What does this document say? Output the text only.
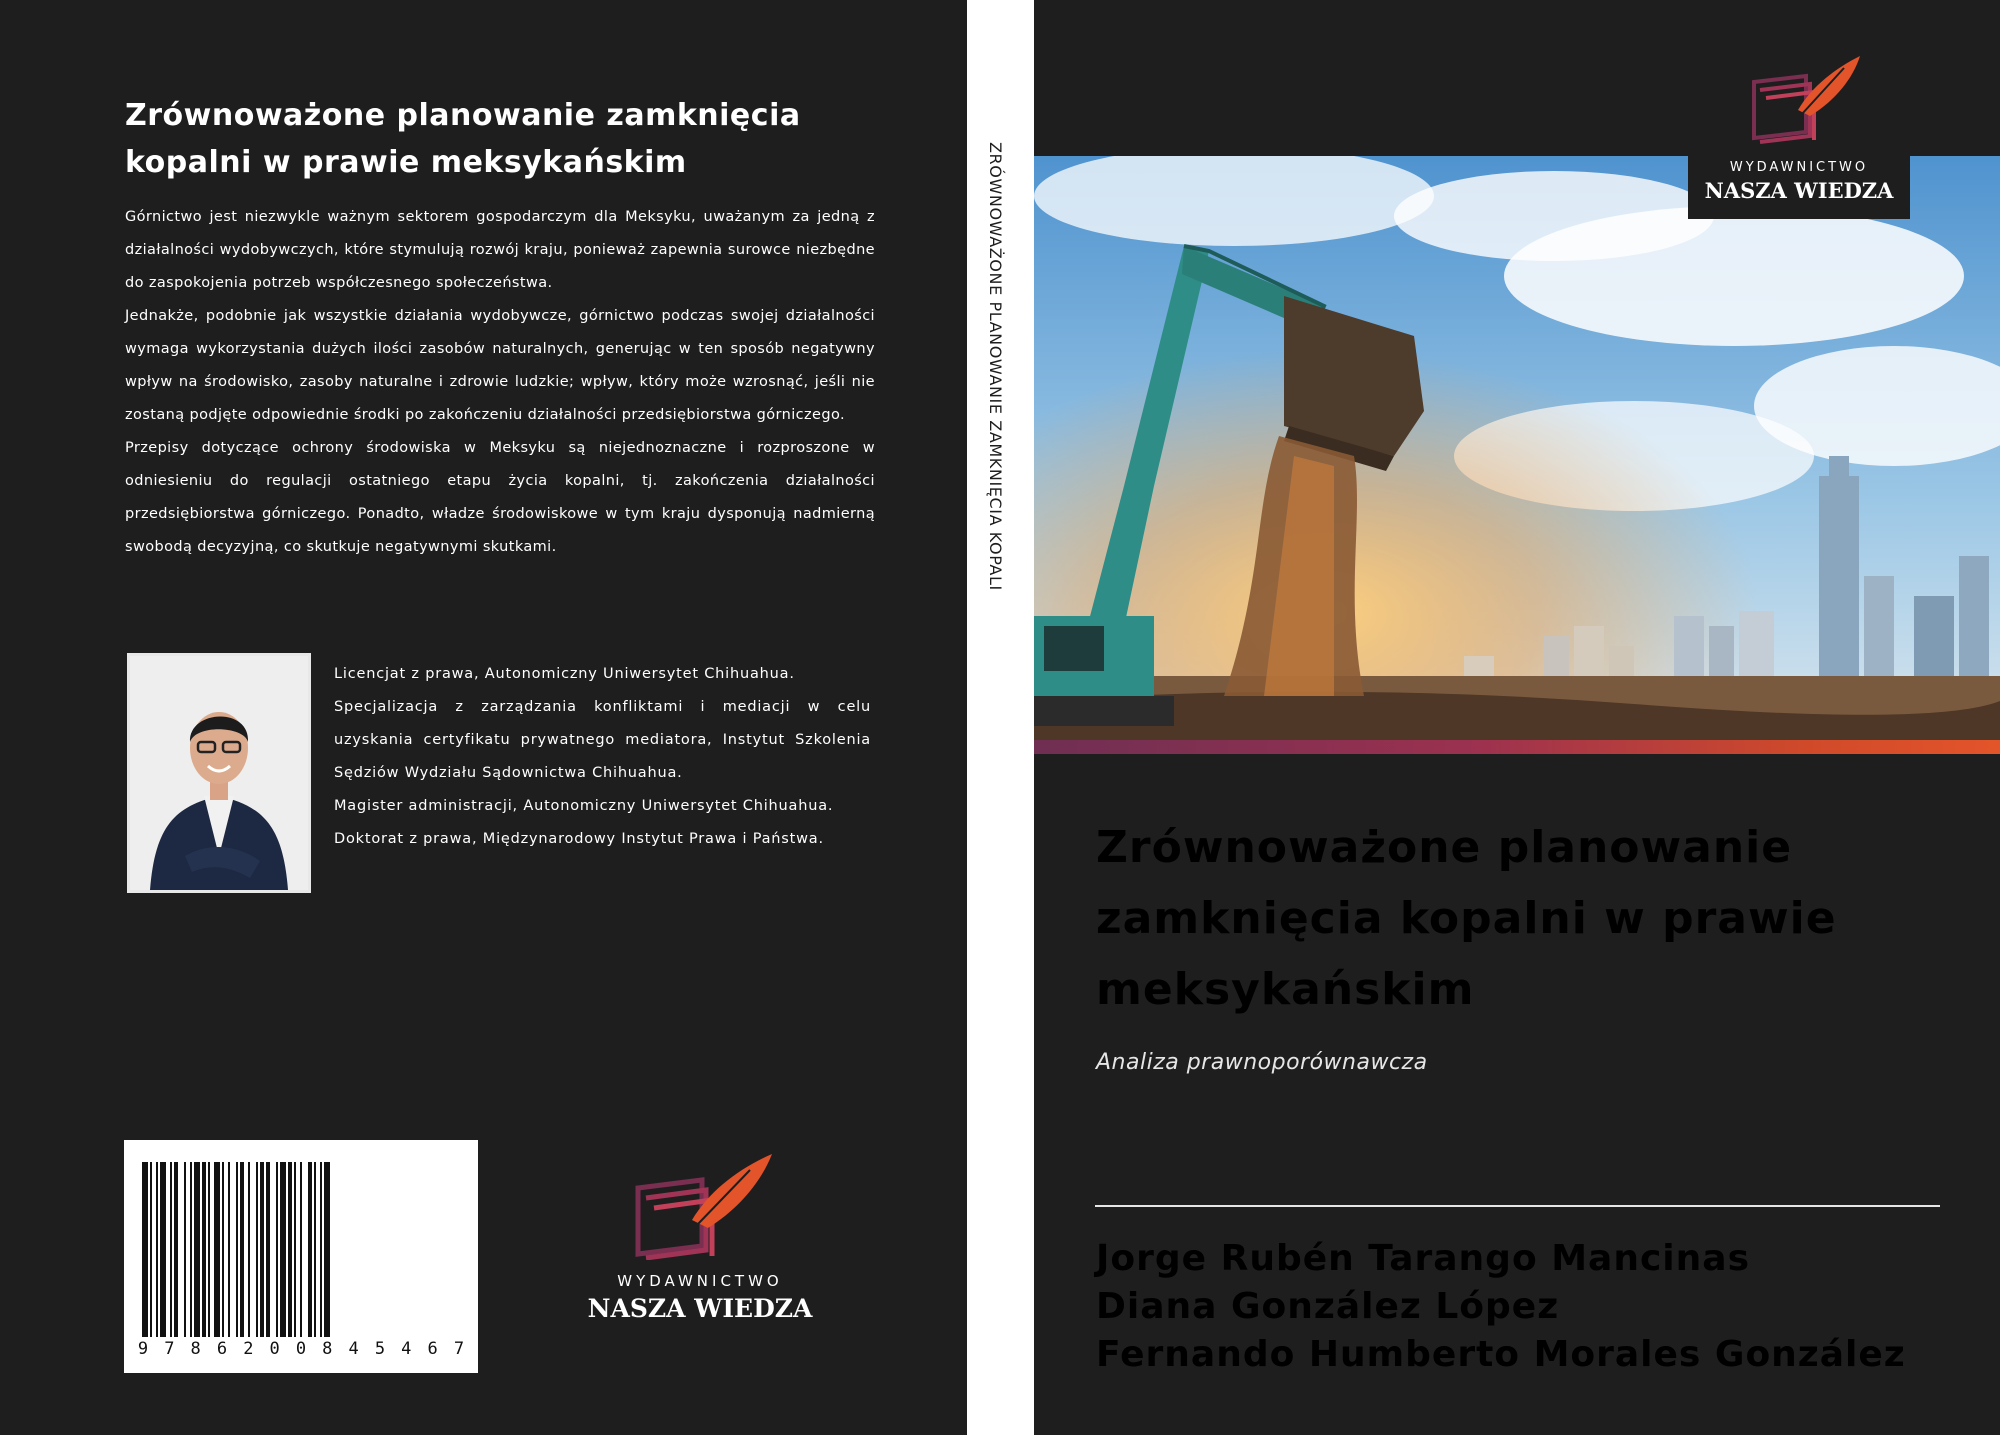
Zrównoważone planowanie zamknięcia
kopalni w prawie meksykańskim

Górnictwo jest niezwykle ważnym sektorem gospodarczym dla Meksyku, uważanym za jedną z działalności wydobywczych, które stymulują rozwój kraju, ponieważ zapewnia surowce niezbędne do zaspokojenia potrzeb współczesnego społeczeństwa.

Jednakże, podobnie jak wszystkie działania wydobywcze, górnictwo podczas swojej działalności wymaga wykorzystania dużych ilości zasobów naturalnych, generując w ten sposób negatywny wpływ na środowisko, zasoby naturalne i zdrowie ludzkie; wpływ, który może wzrosnąć, jeśli nie zostaną podjęte odpowiednie środki po zakończeniu działalności przedsiębiorstwa górniczego.

Przepisy dotyczące ochrony środowiska w Meksyku są niejednoznaczne i rozproszone w odniesieniu do regulacji ostatniego etapu życia kopalni, tj. zakończenia działalności przedsiębiorstwa górniczego. Ponadto, władze środowiskowe w tym kraju dysponują nadmierną swobodą decyzyjną, co skutkuje negatywnymi skutkami.

Licencjat z prawa, Autonomiczny Uniwersytet Chihuahua.

Specjalizacja z zarządzania konfliktami i mediacji w celu uzyskania certyfikatu prywatnego mediatora, Instytut Szkolenia Sędziów Wydziału Sądownictwa Chihuahua.

Magister administracji, Autonomiczny Uniwersytet Chihuahua.

Doktorat z prawa, Międzynarodowy Instytut Prawa i Państwa.

9 7 8 6 2 0 0 8 4 5 4 6 7
WYDAWNICTWO
NASZA WIEDZA
ZRÓWNOWAŻONE PLANOWANIE ZAMKNIĘCIA KOPALI	WYDAWNICTWO
NASZA WIEDZA
Zrównoważone planowanie
zamknięcia kopalni w prawie
meksykańskim
Analiza prawnoporównawcza
Jorge Rubén Tarango Mancinas
Diana González López
Fernando Humberto Morales González
